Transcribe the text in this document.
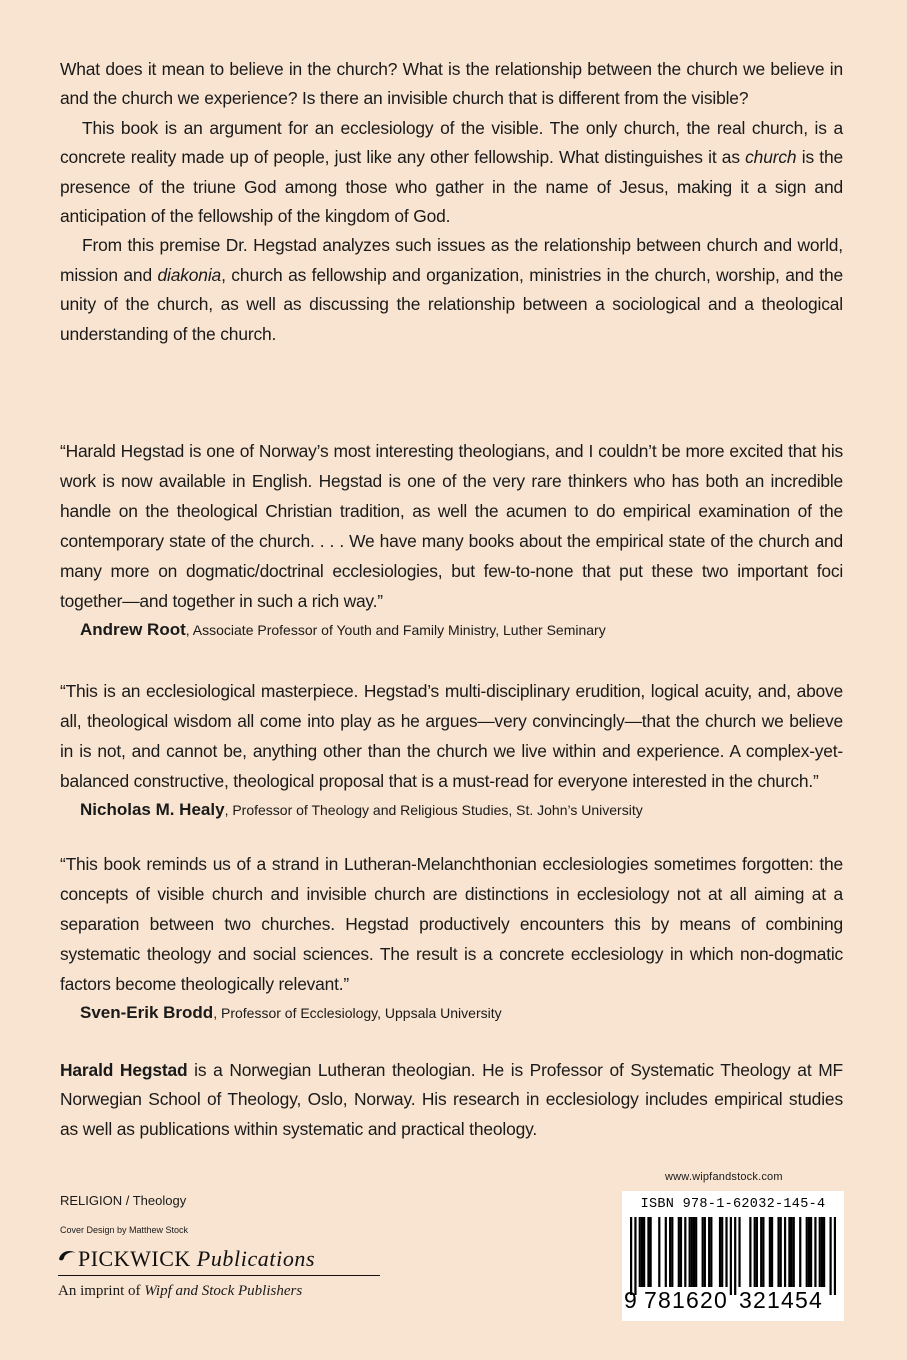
What does it mean to believe in the church? What is the relationship between the church we believe in and the church we experience? Is there an invisible church that is different from the visible?

This book is an argument for an ecclesiology of the visible. The only church, the real church, is a concrete reality made up of people, just like any other fellowship. What distinguishes it as church is the presence of the triune God among those who gather in the name of Jesus, making it a sign and anticipation of the fellowship of the kingdom of God.

From this premise Dr. Hegstad analyzes such issues as the relationship between church and world, mission and diakonia, church as fellowship and organization, ministries in the church, worship, and the unity of the church, as well as discussing the relationship between a sociological and a theological understanding of the church.

“Harald Hegstad is one of Norway’s most interesting theologians, and I couldn’t be more excited that his work is now available in English. Hegstad is one of the very rare thinkers who has both an incredible handle on the theological Christian tradition, as well the acumen to do empirical examination of the contemporary state of the church. . . . We have many books about the empirical state of the church and many more on dogmatic/doctrinal ecclesiologies, but few-to-none that put these two important foci together—and together in such a rich way.”

Andrew Root, Associate Professor of Youth and Family Ministry, Luther Seminary

“This is an ecclesiological masterpiece. Hegstad’s multi-disciplinary erudition, logical acuity, and, above all, theological wisdom all come into play as he argues—very convincingly—that the church we believe in is not, and cannot be, anything other than the church we live within and experience. A complex-yet-balanced constructive, theological proposal that is a must-read for everyone interested in the church.”

Nicholas M. Healy, Professor of Theology and Religious Studies, St. John’s University

“This book reminds us of a strand in Lutheran-Melanchthonian ecclesiologies sometimes forgotten: the concepts of visible church and invisible church are distinctions in ecclesiology not at all aiming at a separation between two churches. Hegstad productively encounters this by means of combining systematic theology and social sciences. The result is a concrete ecclesiology in which non-dogmatic factors become theologically relevant.”

Sven-Erik Brodd, Professor of Ecclesiology, Uppsala University

Harald Hegstad is a Norwegian Lutheran theologian. He is Professor of Systematic Theology at MF Norwegian School of Theology, Oslo, Norway. His research in ecclesiology includes empirical studies as well as publications within systematic and practical theology.
RELIGION / Theology
Cover Design by Matthew Stock
PICKWICK Publications
An imprint of Wipf and Stock Publishers
www.wipfandstock.com
ISBN 978-1-62032-145-4
9 781620 321454
